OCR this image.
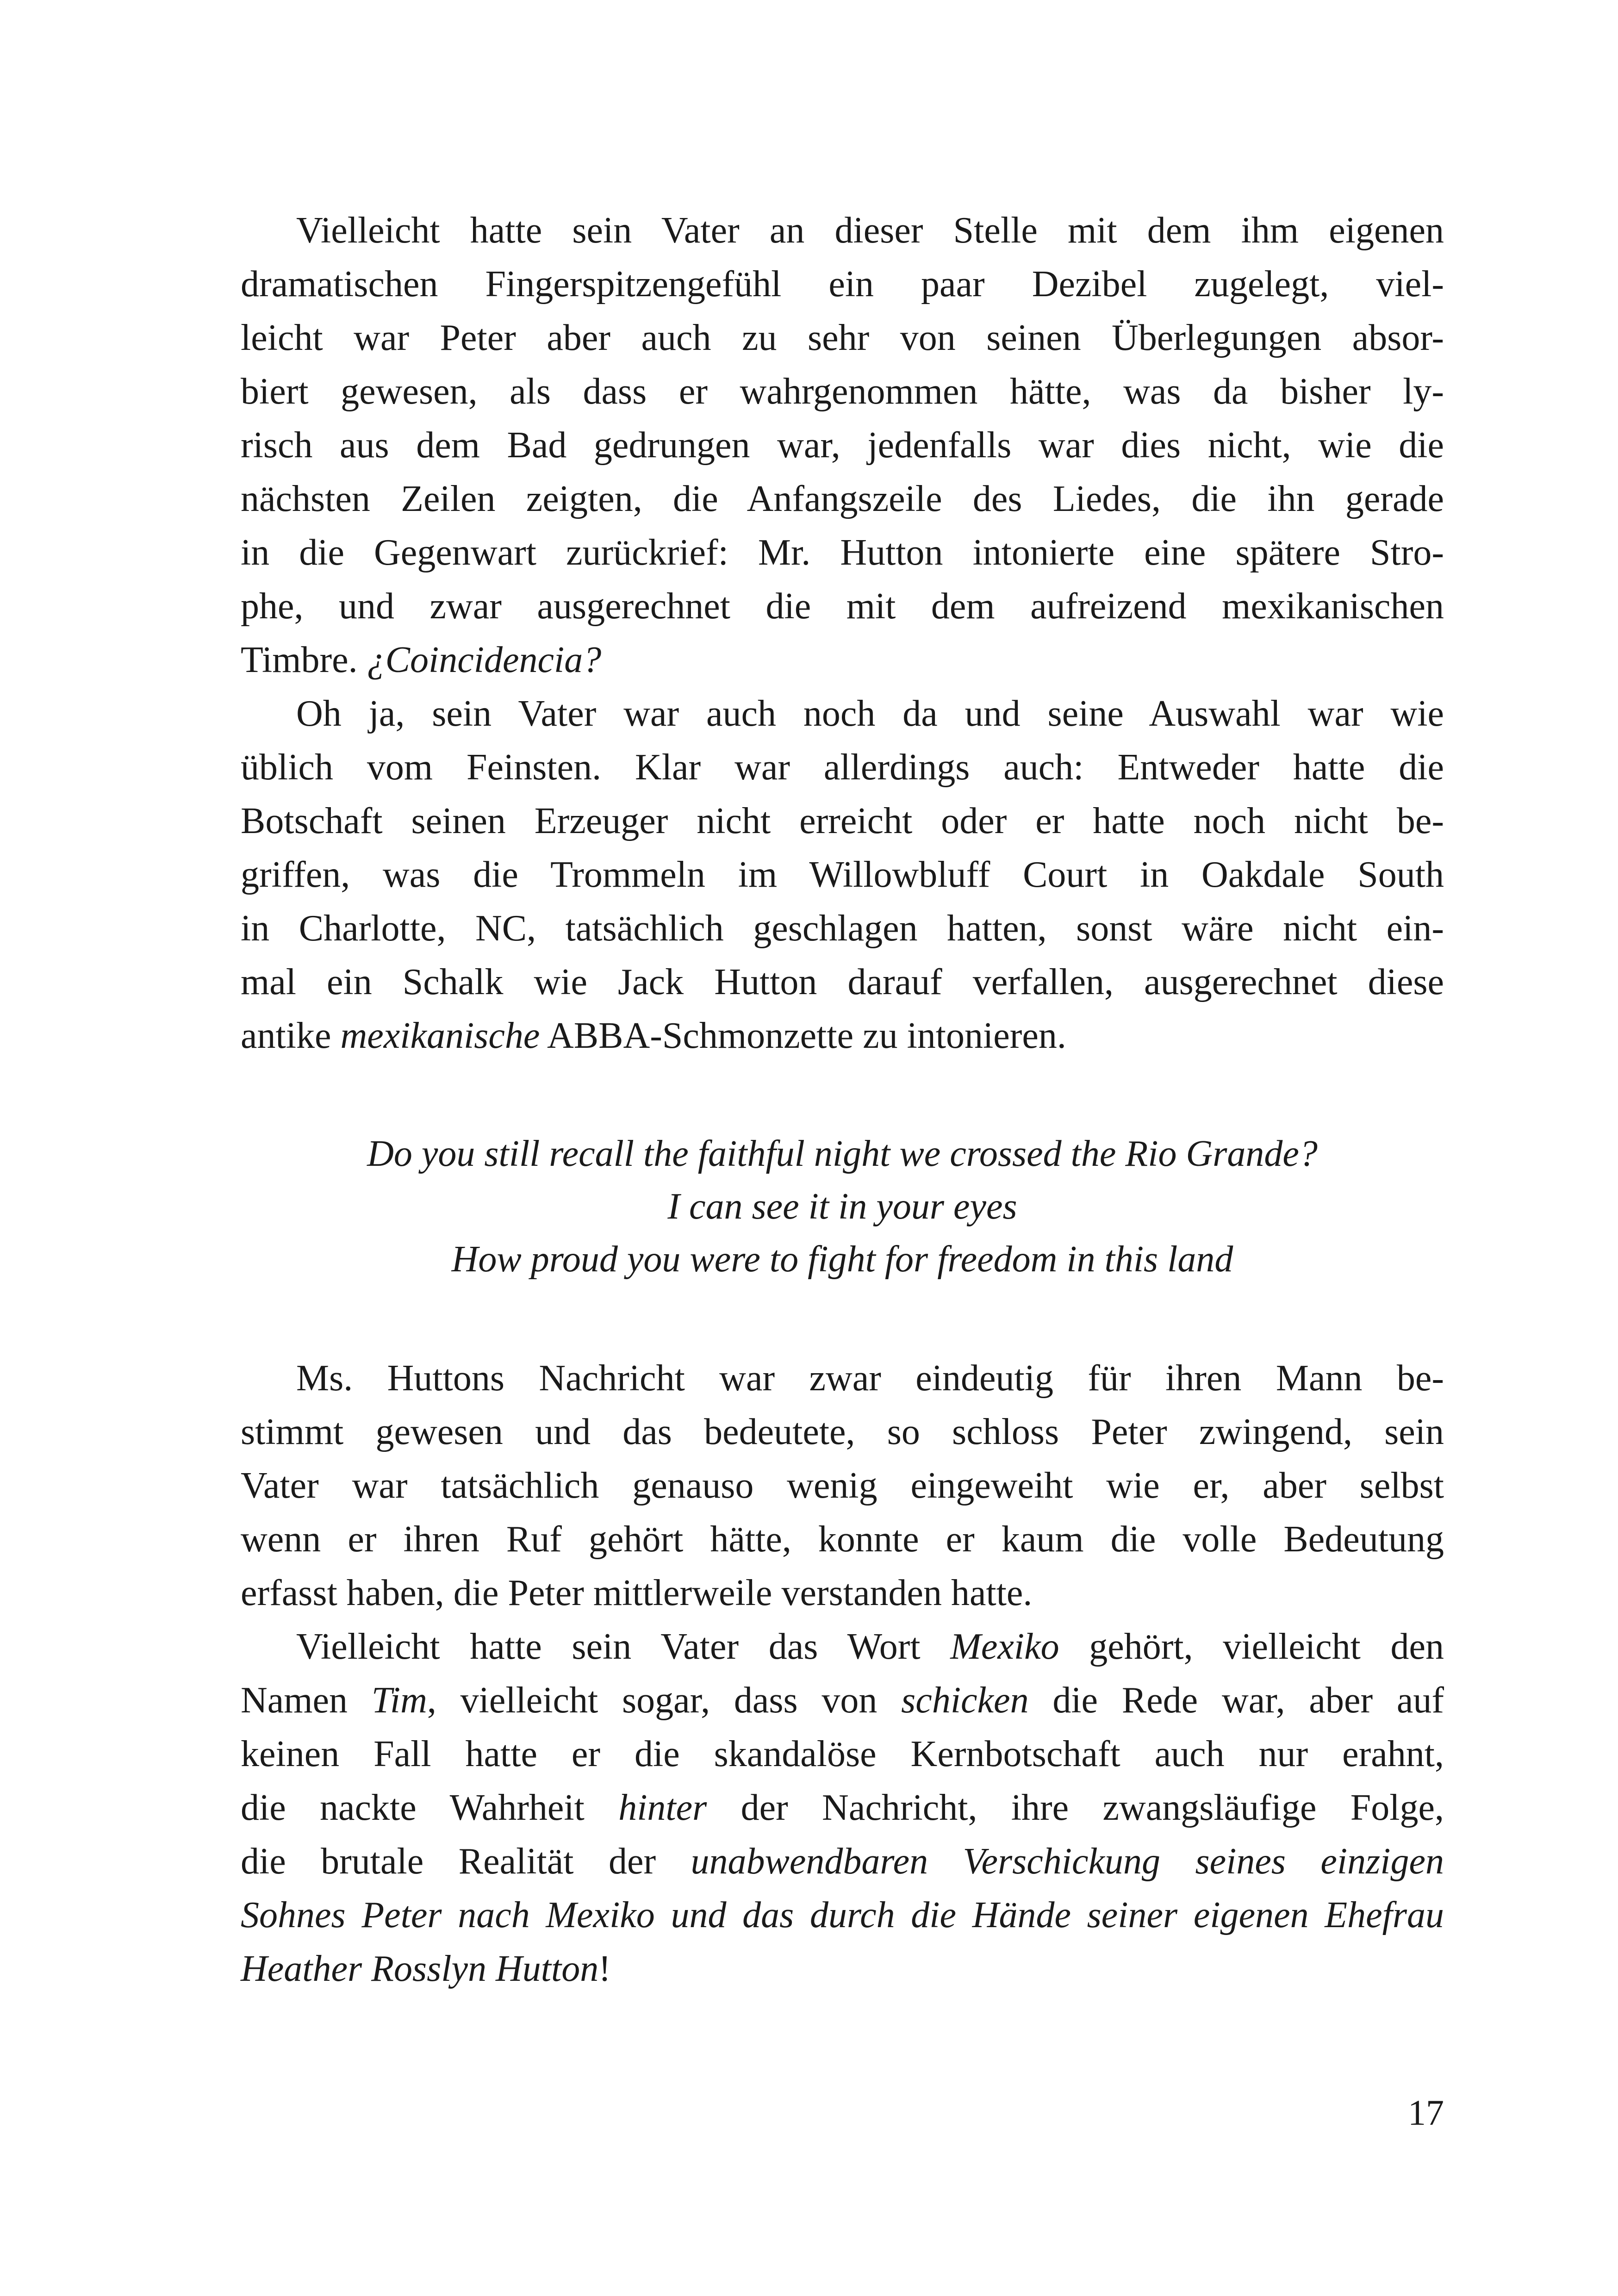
Vielleicht hatte sein Vater an dieser Stelle mit dem ihm eigenen
dramatischen Fingerspitzengefühl ein paar Dezibel zugelegt, viel-
leicht war Peter aber auch zu sehr von seinen Überlegungen absor-
biert gewesen, als dass er wahrgenommen hätte, was da bisher ly-
risch aus dem Bad gedrungen war, jedenfalls war dies nicht, wie die
nächsten Zeilen zeigten, die Anfangszeile des Liedes, die ihn gerade
in die Gegenwart zurückrief: Mr. Hutton intonierte eine spätere Stro-
phe, und zwar ausgerechnet die mit dem aufreizend mexikanischen
Timbre. ¿Coincidencia?
Oh ja, sein Vater war auch noch da und seine Auswahl war wie
üblich vom Feinsten. Klar war allerdings auch: Entweder hatte die
Botschaft seinen Erzeuger nicht erreicht oder er hatte noch nicht be-
griffen, was die Trommeln im Willowbluff Court in Oakdale South
in Charlotte, NC, tatsächlich geschlagen hatten, sonst wäre nicht ein-
mal ein Schalk wie Jack Hutton darauf verfallen, ausgerechnet diese
antike mexikanische ABBA-Schmonzette zu intonieren.
Do you still recall the faithful night we crossed the Rio Grande?
I can see it in your eyes
How proud you were to fight for freedom in this land
Ms. Huttons Nachricht war zwar eindeutig für ihren Mann be-
stimmt gewesen und das bedeutete, so schloss Peter zwingend, sein
Vater war tatsächlich genauso wenig eingeweiht wie er, aber selbst
wenn er ihren Ruf gehört hätte, konnte er kaum die volle Bedeutung
erfasst haben, die Peter mittlerweile verstanden hatte.
Vielleicht hatte sein Vater das Wort Mexiko gehört, vielleicht den
Namen Tim, vielleicht sogar, dass von schicken die Rede war, aber auf
keinen Fall hatte er die skandalöse Kernbotschaft auch nur erahnt,
die nackte Wahrheit hinter der Nachricht, ihre zwangsläufige Folge,
die brutale Realität der unabwendbaren Verschickung seines einzigen
Sohnes Peter nach Mexiko und das durch die Hände seiner eigenen Ehefrau
Heather Rosslyn Hutton!
17
